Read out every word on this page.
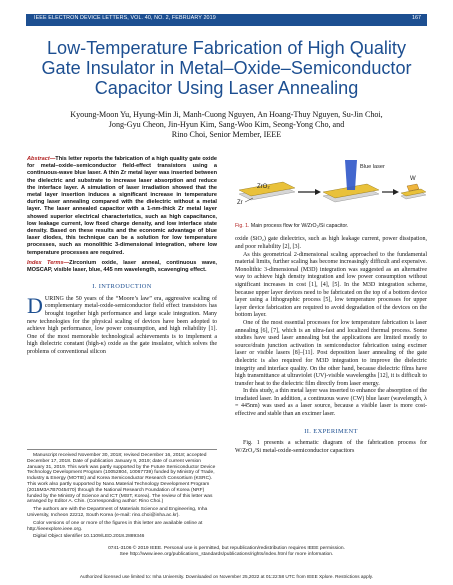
IEEE ELECTRON DEVICE LETTERS, VOL. 40, NO. 2, FEBRUARY 2019	167
Low-Temperature Fabrication of High Quality
Gate Insulator in Metal–Oxide–Semiconductor
Capacitor Using Laser Annealing
Kyoung-Moon Yu, Hyung-Min Ji, Manh-Cuong Nguyen, An Hoang-Thuy Nguyen, Su-Jin Choi,
Jong-Gyu Cheon, Jin-Hyun Kim, Sang-Woo Kim, Seong-Yong Cho, and
Rino Choi, Senior Member, IEEE
Abstract—This letter reports the fabrication of a high quality gate oxide for metal–oxide–semiconductor field-effect transistors using a continuous-wave blue laser. A thin Zr metal layer was inserted between the dielectric and substrate to increase laser absorption and reduce the interface layer. A simulation of laser irradiation showed that the metal layer insertion induces a significant increase in temperature during laser annealing compared with the dielectric without a metal layer. The laser annealed capacitor with a 1-nm-thick Zr metal layer showed superior electrical characteristics, such as high capacitance, low leakage current, low fixed charge density, and low interface state density. Based on these results and the economic advantage of blue laser diodes, this technique can be a solution for low temperature processes, such as monolithic 3-dimensional integration, where low temperature processes are required.
Index Terms—Zirconium oxide, laser anneal, continuous wave, MOSCAP, visible laser, blue, 445 nm wavelength, scavenging effect.
I. INTRODUCTION

DURING the 50 years of the “Moore’s law” era, aggressive scaling of complementary metal-oxide-semiconductor field effect transistors has brought together high performance and large scale integration. Many new technologies for the physical scaling of devices have been adopted to achieve high performance, low power consumption, and high reliability [1]. One of the most memorable technological achievements is to implement a high dielectric constant (high-κ) oxide as the gate insulator, which solves the problems of conventional silicon

Manuscript received November 30, 2018; revised December 16, 2018; accepted December 17, 2018. Date of publication January 9, 2019; date of current version January 31, 2019. This work was partly supported by the Future Semiconductor Device Technology Development Program (10052804, 10067739) funded by Ministry of Trade, Industry & Energy (MOTIE) and Korea Semiconductor Research Consortium (KSRC). This work also partly supported by Nano.Material Technology Development Program (2015M3A7B7045470) through the National Research Foundation of Korea (NRF) funded by the Ministry of Science and ICT (MSIT, Korea). The review of this letter was arranged by Editor A. Chin. (Corresponding author: Rino Choi.)

The authors are with the Department of Materials Science and Engineering, Inha University, Incheon 22212, South Korea (e-mail: rino.choi@inha.ac.kr).

Color versions of one or more of the figures in this letter are available online at http://ieeexplore.ieee.org.

Digital Object Identifier 10.1109/LED.2018.2889346

ZrO₂
Zr
Blue laser
W
Fig. 1. Main process flow for W/ZrO₂/Si capacitor.

oxide (SiO₂) gate dielectrics, such as high leakage current, power dissipation, and poor reliability [2], [3].

As this geometrical 2-dimensional scaling approached to the fundamental material limits, further scaling has become increasingly difficult and expensive. Monolithic 3-dimensional (M3D) integration was suggested as an alternative way to achieve high density integration and low power consumption without significant increases in cost [1], [4], [5]. In the M3D integration scheme, because upper layer devices need to be fabricated on the top of a bottom device layer using a lithographic process [5], low temperature processes for upper layer device fabrication are required to avoid degradation of the devices on the bottom layer.

One of the most essential processes for low temperature fabrication is laser annealing [6], [7], which is an ultra-fast and localized thermal process. Some studies have used laser annealing but the applications are limited mostly to source/drain junction activation in semiconductor fabrication using excimer laser or visible lasers [8]–[11]. Post deposition laser annealing of the gate dielectric is also required for M3D integration to improve the dielectric integrity and interface quality. On the other hand, because dielectric films have high transmittance at ultraviolet (UV)-visible wavelengths [12], it is difficult to transfer heat to the dielectric film directly from laser energy.

In this study, a thin metal layer was inserted to enhance the absorption of the irradiated laser. In addition, a continuous wave (CW) blue laser (wavelength, λ = 445nm) was used as a laser source, because a visible laser is more cost-effective and stable than an excimer laser.

II. EXPERIMENT

Fig. 1 presents a schematic diagram of the fabrication process for W/ZrO₂/Si metal-oxide-semiconductor capacitors

0741-3106 © 2019 IEEE. Personal use is permitted, but republication/redistribution requires IEEE permission.
See http://www.ieee.org/publications_standards/publications/rights/index.html for more information.
Authorized licensed use limited to: Inha University. Downloaded on November 25,2022 at 01:22:58 UTC from IEEE Xplore. Restrictions apply.
